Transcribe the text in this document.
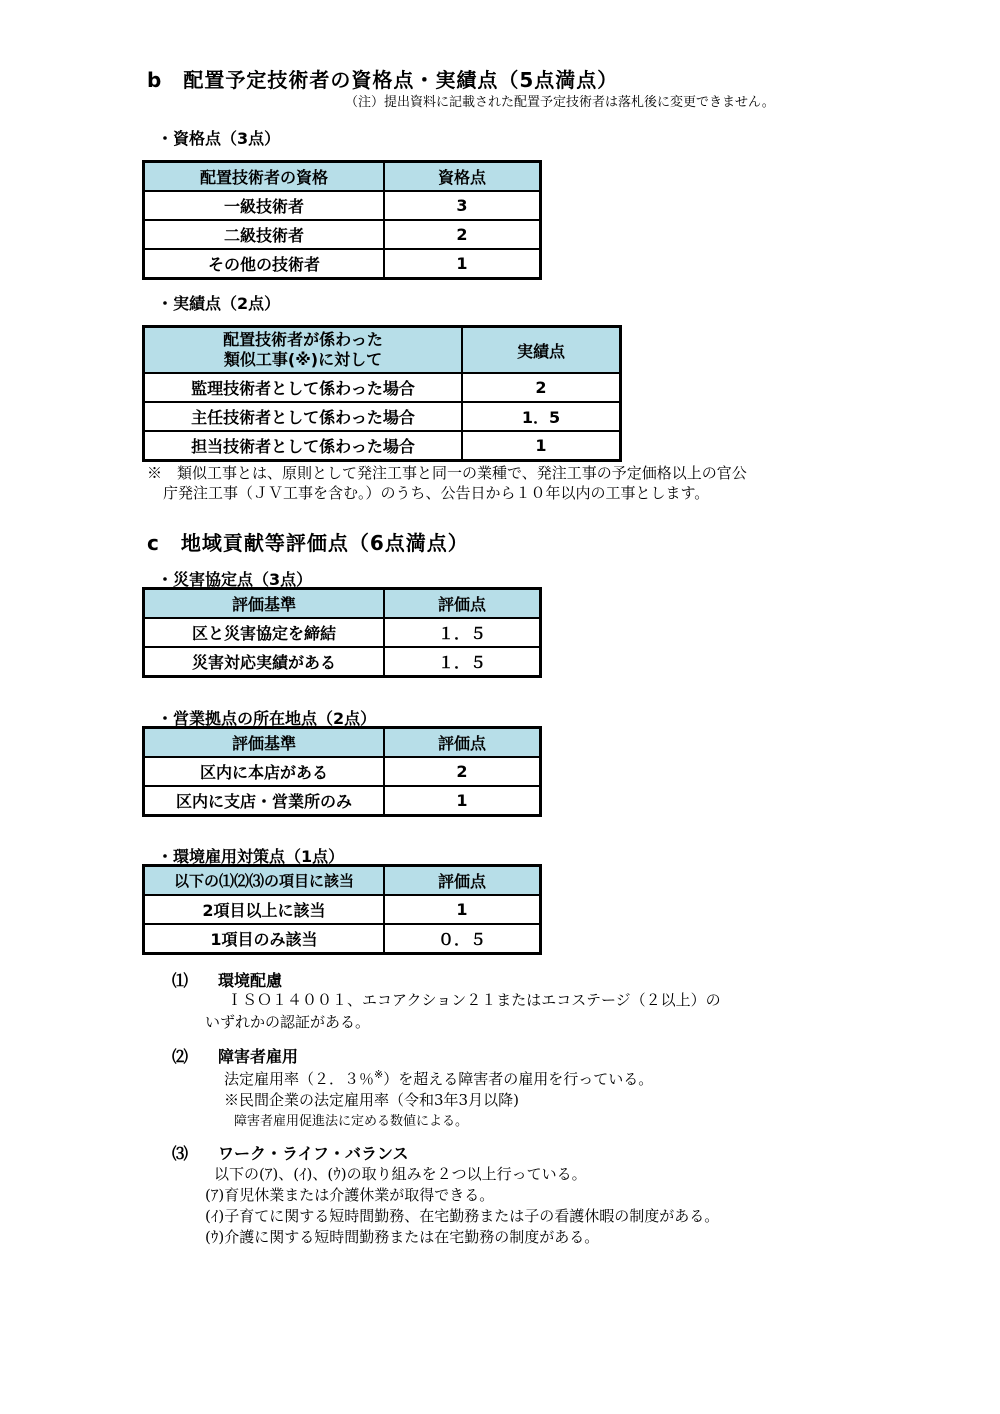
b　配置予定技術者の資格点・実績点（5点満点）
（注）提出資料に記載された配置予定技術者は落札後に変更できません。
・資格点（3点）
配置技術者の資格	資格点
一級技術者	3
二級技術者	2
その他の技術者	1
・実績点（2点）
配置技術者が係わった
類似工事(※)に対して	実績点
監理技術者として係わった場合	2
主任技術者として係わった場合	1．5
担当技術者として係わった場合	1
※　類似工事とは、原則として発注工事と同一の業種で、発注工事の予定価格以上の官公
庁発注工事（ＪＶ工事を含む。）のうち、公告日から１０年以内の工事とします。
c　地域貢献等評価点（6点満点）
・災害協定点（3点）
評価基準	評価点
区と災害協定を締結	１．５
災害対応実績がある	１．５
・営業拠点の所在地点（2点）
評価基準	評価点
区内に本店がある	2
区内に支店・営業所のみ	1
・環境雇用対策点（1点）
以下の⑴⑵⑶の項目に該当	評価点
2項目以上に該当	1
1項目のみ該当	０．５
⑴ 環境配慮
ＩＳＯ１４００１、エコアクション２１またはエコステージ（２以上）の
いずれかの認証がある。
⑵ 障害者雇用
法定雇用率（２．３％※）を超える障害者の雇用を行っている。
※民間企業の法定雇用率（令和3年3月以降)
障害者雇用促進法に定める数値による。
⑶ ワーク・ライフ・バランス
以下の(ｱ)、(ｲ)、(ｳ)の取り組みを２つ以上行っている。
(ｱ)育児休業または介護休業が取得できる。
(ｲ)子育てに関する短時間勤務、在宅勤務または子の看護休暇の制度がある。
(ｳ)介護に関する短時間勤務または在宅勤務の制度がある。
